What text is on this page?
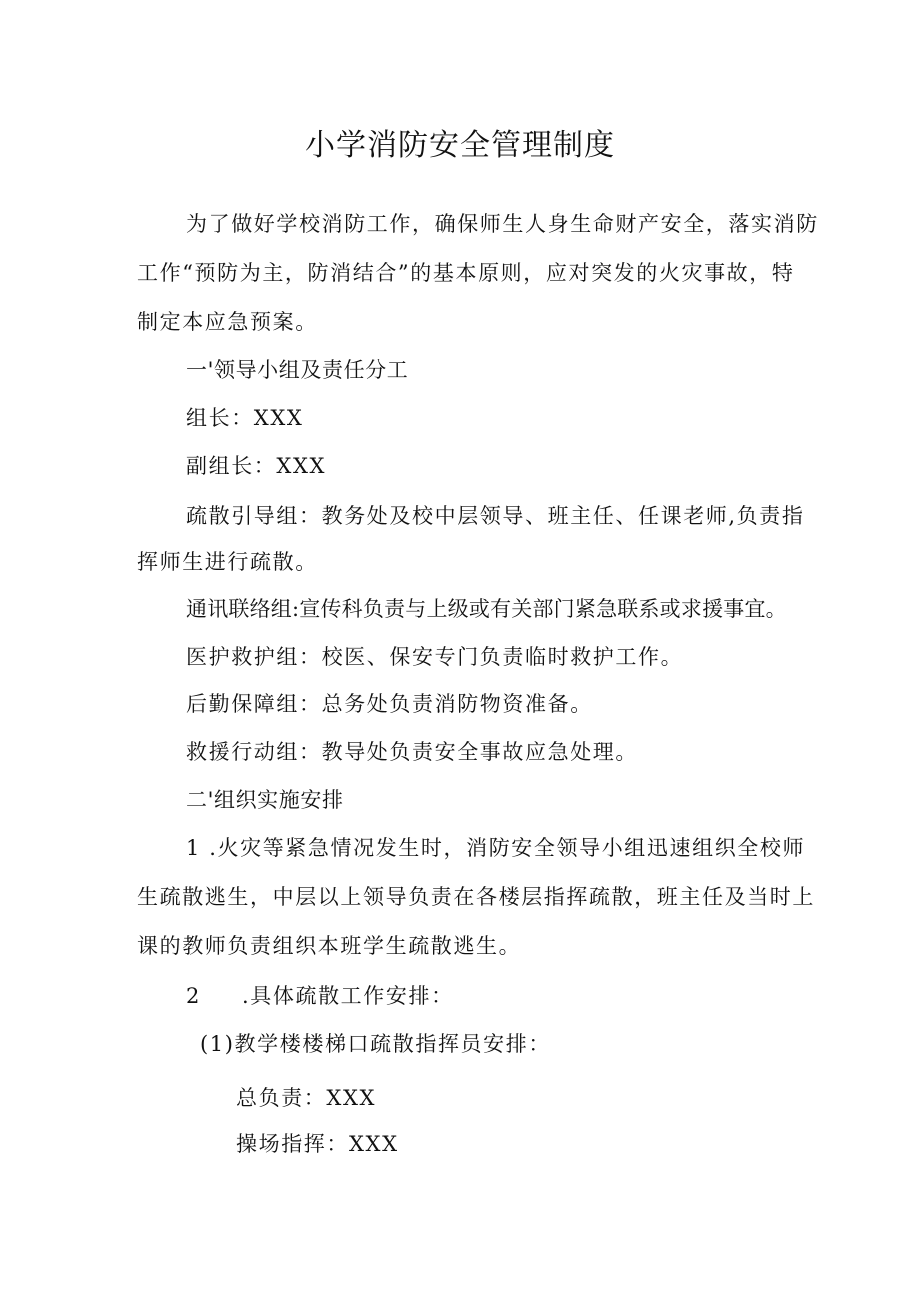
小学消防安全管理制度
为了做好学校消防工作，确保师生人身生命财产安全，落实消防
工作“预防为主，防消结合”的基本原则，应对突发的火灾事故，特
制定本应急预案。
一'领导小组及责任分工
组长：XXX
副组长：XXX
疏散引导组：教务处及校中层领导、班主任、任课老师,负责指
挥师生进行疏散。
通讯联络组:宣传科负责与上级或有关部门紧急联系或求援事宜。
医护救护组：校医、保安专门负责临时救护工作。
后勤保障组：总务处负责消防物资准备。
救援行动组：教导处负责安全事故应急处理。
二'组织实施安排
1 .火灾等紧急情况发生时，消防安全领导小组迅速组织全校师
生疏散逃生，中层以上领导负责在各楼层指挥疏散，班主任及当时上
课的教师负责组织本班学生疏散逃生。
2 .具体疏散工作安排：
(1)教学楼楼梯口疏散指挥员安排：
总负责：XXX
操场指挥：XXX
